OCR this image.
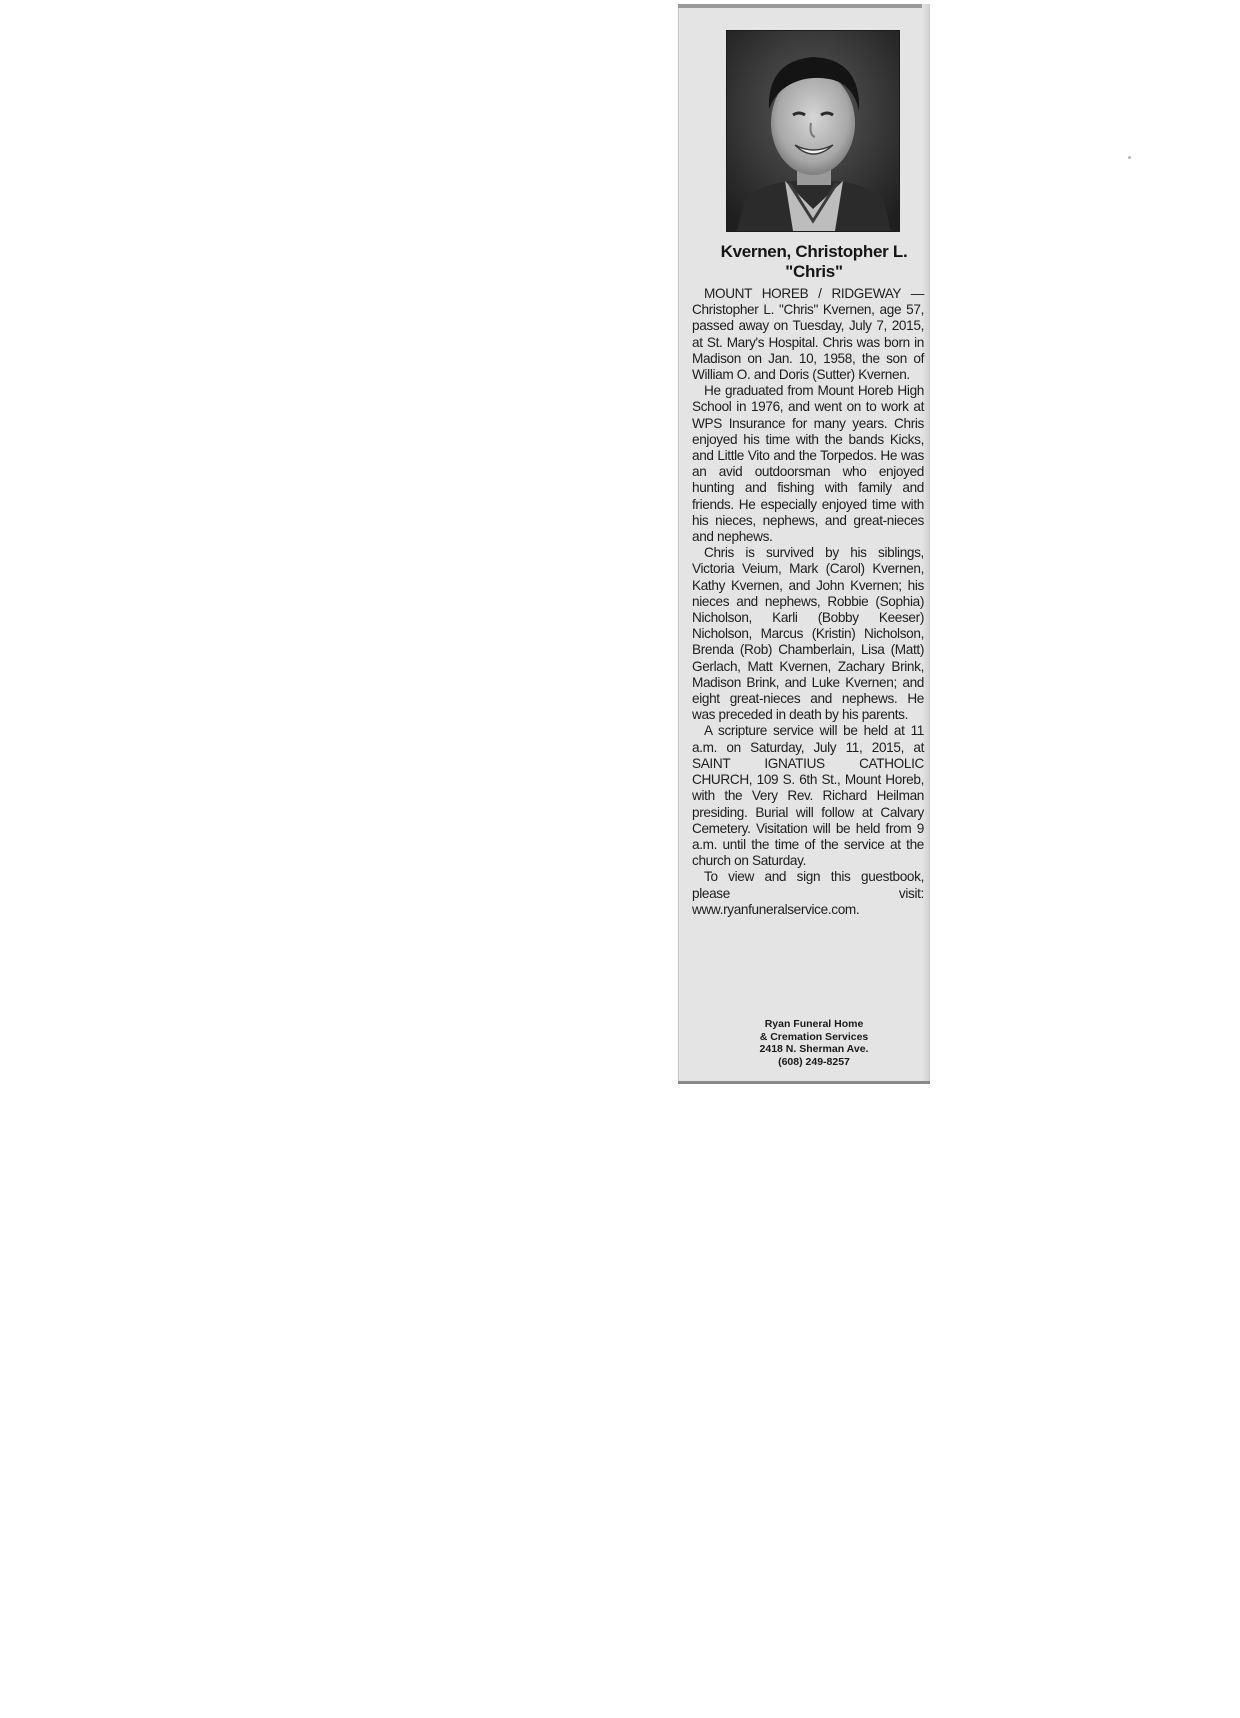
Kvernen, Christopher L.
"Chris"

MOUNT HOREB / RIDGEWAY — Christopher L. "Chris" Kvernen, age 57, passed away on Tuesday, July 7, 2015, at St. Mary's Hospital. Chris was born in Madison on Jan. 10, 1958, the son of William O. and Doris (Sutter) Kvernen.

He graduated from Mount Horeb High School in 1976, and went on to work at WPS Insurance for many years. Chris enjoyed his time with the bands Kicks, and Little Vito and the Torpedos. He was an avid outdoorsman who enjoyed hunting and fishing with family and friends. He especially enjoyed time with his nieces, nephews, and great-nieces and nephews.

Chris is survived by his siblings, Victoria Veium, Mark (Carol) Kvernen, Kathy Kvernen, and John Kvernen; his nieces and nephews, Robbie (Sophia) Nicholson, Karli (Bobby Keeser) Nicholson, Marcus (Kristin) Nicholson, Brenda (Rob) Chamberlain, Lisa (Matt) Gerlach, Matt Kvernen, Zachary Brink, Madison Brink, and Luke Kvernen; and eight great-nieces and nephews. He was preceded in death by his parents.

A scripture service will be held at 11 a.m. on Saturday, July 11, 2015, at SAINT IGNATIUS CATHOLIC CHURCH, 109 S. 6th St., Mount Horeb, with the Very Rev. Richard Heilman presiding. Burial will follow at Calvary Cemetery. Visitation will be held from 9 a.m. until the time of the service at the church on Saturday.

To view and sign this guestbook, please visit: www.ryanfuneralservice.com.

Ryan Funeral Home
& Cremation Services
2418 N. Sherman Ave.
(608) 249-8257
